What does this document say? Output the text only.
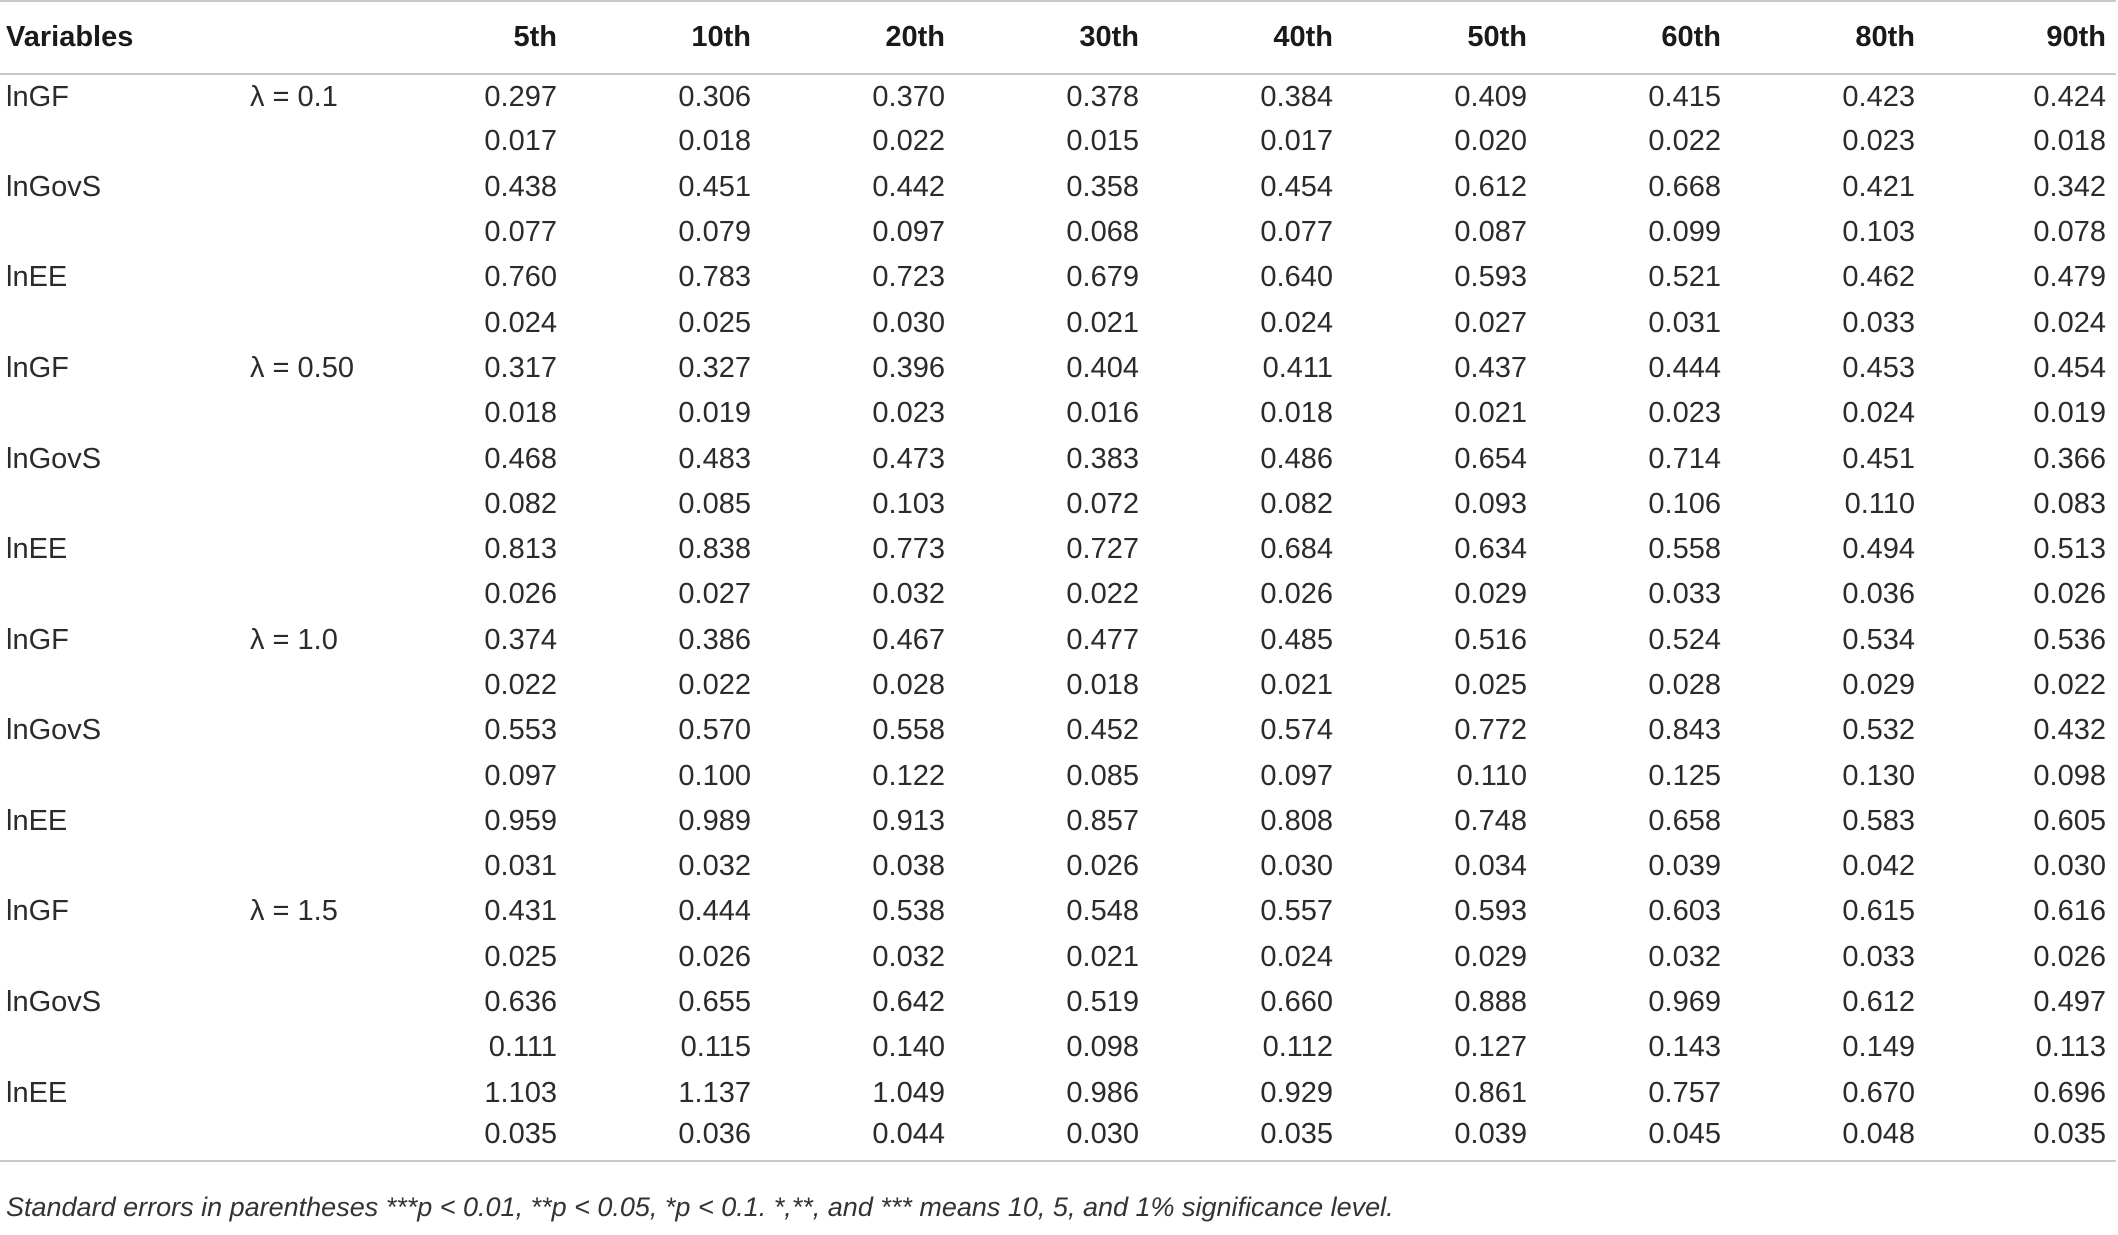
Variables		5th	10th	20th	30th	40th	50th	60th	80th	90th
lnGF	λ = 0.1	0.297	0.306	0.370	0.378	0.384	0.409	0.415	0.423	0.424
		0.017	0.018	0.022	0.015	0.017	0.020	0.022	0.023	0.018
lnGovS		0.438	0.451	0.442	0.358	0.454	0.612	0.668	0.421	0.342
		0.077	0.079	0.097	0.068	0.077	0.087	0.099	0.103	0.078
lnEE		0.760	0.783	0.723	0.679	0.640	0.593	0.521	0.462	0.479
		0.024	0.025	0.030	0.021	0.024	0.027	0.031	0.033	0.024
lnGF	λ = 0.50	0.317	0.327	0.396	0.404	0.411	0.437	0.444	0.453	0.454
		0.018	0.019	0.023	0.016	0.018	0.021	0.023	0.024	0.019
lnGovS		0.468	0.483	0.473	0.383	0.486	0.654	0.714	0.451	0.366
		0.082	0.085	0.103	0.072	0.082	0.093	0.106	0.110	0.083
lnEE		0.813	0.838	0.773	0.727	0.684	0.634	0.558	0.494	0.513
		0.026	0.027	0.032	0.022	0.026	0.029	0.033	0.036	0.026
lnGF	λ = 1.0	0.374	0.386	0.467	0.477	0.485	0.516	0.524	0.534	0.536
		0.022	0.022	0.028	0.018	0.021	0.025	0.028	0.029	0.022
lnGovS		0.553	0.570	0.558	0.452	0.574	0.772	0.843	0.532	0.432
		0.097	0.100	0.122	0.085	0.097	0.110	0.125	0.130	0.098
lnEE		0.959	0.989	0.913	0.857	0.808	0.748	0.658	0.583	0.605
		0.031	0.032	0.038	0.026	0.030	0.034	0.039	0.042	0.030
lnGF	λ = 1.5	0.431	0.444	0.538	0.548	0.557	0.593	0.603	0.615	0.616
		0.025	0.026	0.032	0.021	0.024	0.029	0.032	0.033	0.026
lnGovS		0.636	0.655	0.642	0.519	0.660	0.888	0.969	0.612	0.497
		0.111	0.115	0.140	0.098	0.112	0.127	0.143	0.149	0.113
lnEE		1.103	1.137	1.049	0.986	0.929	0.861	0.757	0.670	0.696
		0.035	0.036	0.044	0.030	0.035	0.039	0.045	0.048	0.035
Standard errors in parentheses ***p < 0.01, **p < 0.05, *p < 0.1. *,**, and *** means 10, 5, and 1% significance level.
